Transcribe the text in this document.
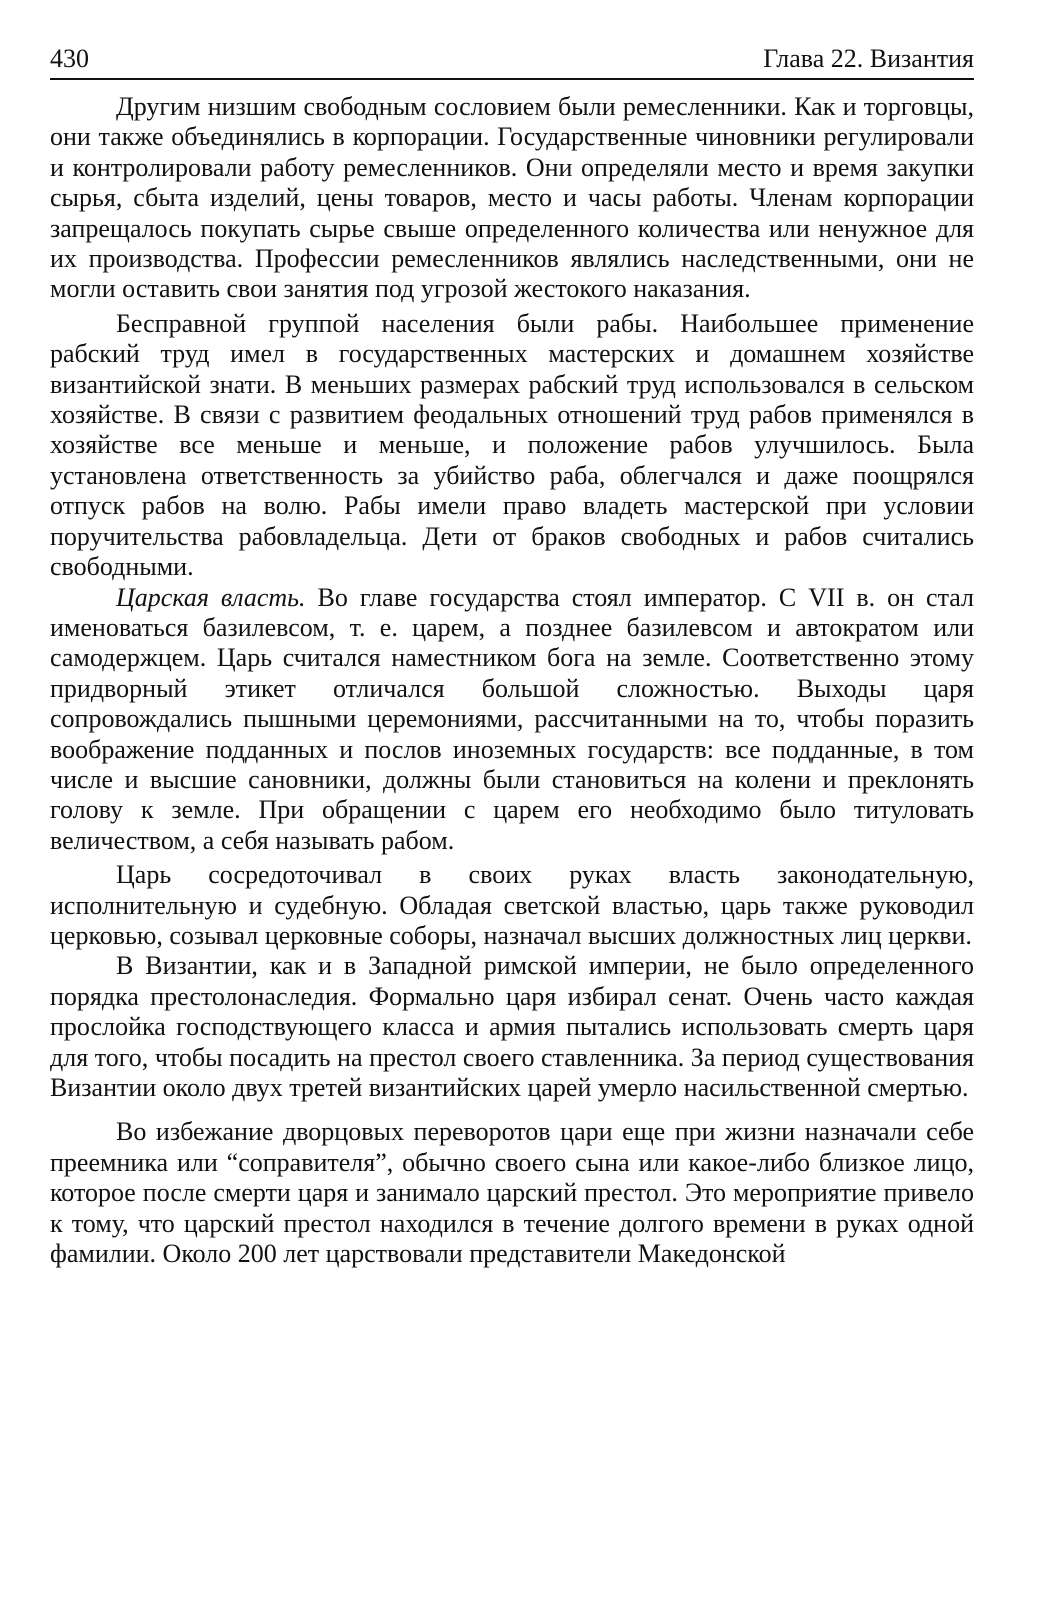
430	Глава 22. Византия

Другим низшим свободным сословием были ремесленники. Как и торговцы, они также объединялись в корпорации. Государственные чиновники регулировали и контролировали работу ремесленников. Они определяли место и время закупки сырья, сбыта изделий, цены товаров, место и часы работы. Членам корпорации запрещалось покупать сырье свыше определенного количества или ненужное для их производства. Профессии ремесленников являлись наследственными, они не могли оставить свои занятия под угрозой жестокого наказания.

Бесправной группой населения были рабы. Наибольшее применение рабский труд имел в государственных мастерских и домашнем хозяйстве византийской знати. В меньших размерах рабский труд использовался в сельском хозяйстве. В связи с развитием феодальных отношений труд рабов применялся в хозяйстве все меньше и меньше, и положение рабов улучшилось. Была установлена ответственность за убийство раба, облегчался и даже поощрялся отпуск рабов на волю. Рабы имели право владеть мастерской при условии поручительства рабовладельца. Дети от браков свободных и рабов считались свободными.

Царская власть. Во главе государства стоял император. С VII в. он стал именоваться базилевсом, т. е. царем, а позднее базилевсом и автократом или самодержцем. Царь считался наместником бога на земле. Соответственно этому придворный этикет отличался большой сложностью. Выходы царя сопровождались пышными церемониями, рассчитанными на то, чтобы поразить воображение подданных и послов иноземных государств: все подданные, в том числе и высшие сановники, должны были становиться на колени и преклонять голову к земле. При обращении с царем его необходимо было титуловать величеством, а себя называть рабом.

Царь сосредоточивал в своих руках власть законодательную, исполнительную и судебную. Обладая светской властью, царь также руководил церковью, созывал церковные соборы, назначал высших должностных лиц церкви.

В Византии, как и в Западной римской империи, не было определенного порядка престолонаследия. Формально царя избирал сенат. Очень часто каждая прослойка господствующего класса и армия пытались использовать смерть царя для того, чтобы посадить на престол своего ставленника. За период существования Византии около двух третей византийских царей умерло насильственной смертью.

Во избежание дворцовых переворотов цари еще при жизни назначали себе преемника или “соправителя”, обычно своего сына или какое-либо близкое лицо, которое после смерти царя и занимало царский престол. Это мероприятие привело к тому, что царский престол находился в течение долгого времени в руках одной фамилии. Около 200 лет царствовали представители Македонской
